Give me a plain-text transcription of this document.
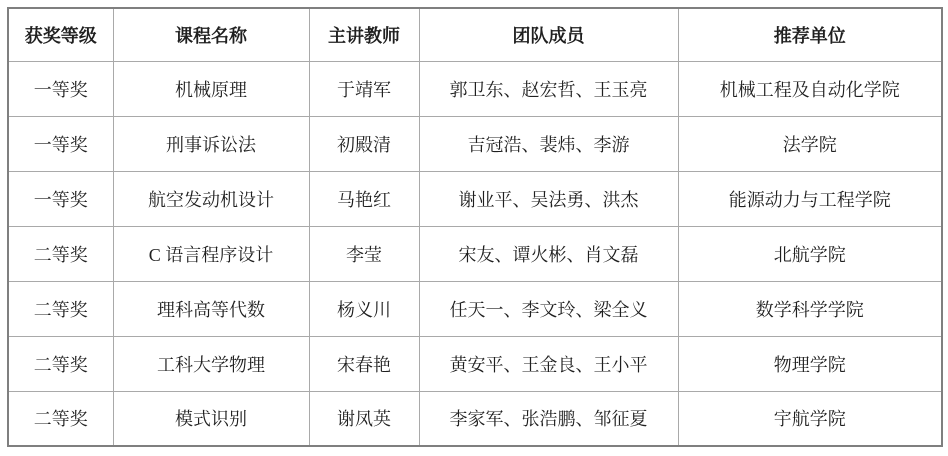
获奖等级	课程名称	主讲教师	团队成员	推荐单位
一等奖	机械原理	于靖军	郭卫东、赵宏哲、王玉亮	机械工程及自动化学院
一等奖	刑事诉讼法	初殿清	吉冠浩、裴炜、李游	法学院
一等奖	航空发动机设计	马艳红	谢业平、吴法勇、洪杰	能源动力与工程学院
二等奖	C 语言程序设计	李莹	宋友、谭火彬、肖文磊	北航学院
二等奖	理科高等代数	杨义川	任天一、李文玲、梁全义	数学科学学院
二等奖	工科大学物理	宋春艳	黄安平、王金良、王小平	物理学院
二等奖	模式识别	谢凤英	李家军、张浩鹏、邹征夏	宇航学院
